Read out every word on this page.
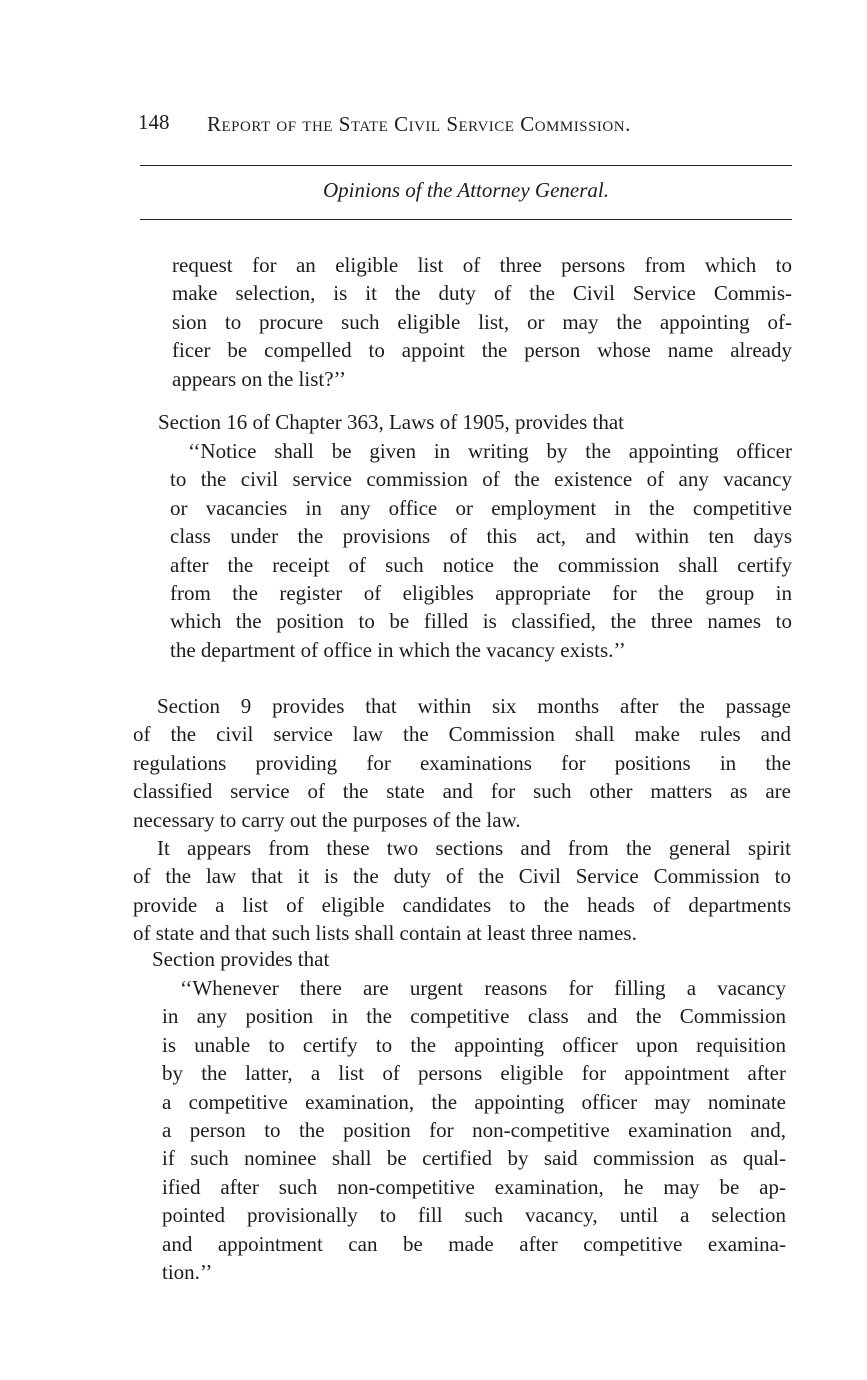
148 Report of the State Civil Service Commission.
Opinions of the Attorney General.
request for an eligible list of three persons from which to
make selection, is it the duty of the Civil Service Commis-
sion to procure such eligible list, or may the appointing of-
ficer be compelled to appoint the person whose name already
appears on the list?’’
Section 16 of Chapter 363, Laws of 1905, provides that
‘‘Notice shall be given in writing by the appointing officer
to the civil service commission of the existence of any vacancy
or vacancies in any office or employment in the competitive
class under the provisions of this act, and within ten days
after the receipt of such notice the commission shall certify
from the register of eligibles appropriate for the group in
which the position to be filled is classified, the three names to
the department of office in which the vacancy exists.’’
Section 9 provides that within six months after the passage
of the civil service law the Commission shall make rules and
regulations providing for examinations for positions in the
classified service of the state and for such other matters as are
necessary to carry out the purposes of the law.
It appears from these two sections and from the general spirit
of the law that it is the duty of the Civil Service Commission to
provide a list of eligible candidates to the heads of departments
of state and that such lists shall contain at least three names.
Section provides that
‘‘Whenever there are urgent reasons for filling a vacancy
in any position in the competitive class and the Commission
is unable to certify to the appointing officer upon requisition
by the latter, a list of persons eligible for appointment after
a competitive examination, the appointing officer may nominate
a person to the position for non-competitive examination and,
if such nominee shall be certified by said commission as qual-
ified after such non-competitive examination, he may be ap-
pointed provisionally to fill such vacancy, until a selection
and appointment can be made after competitive examina-
tion.’’
